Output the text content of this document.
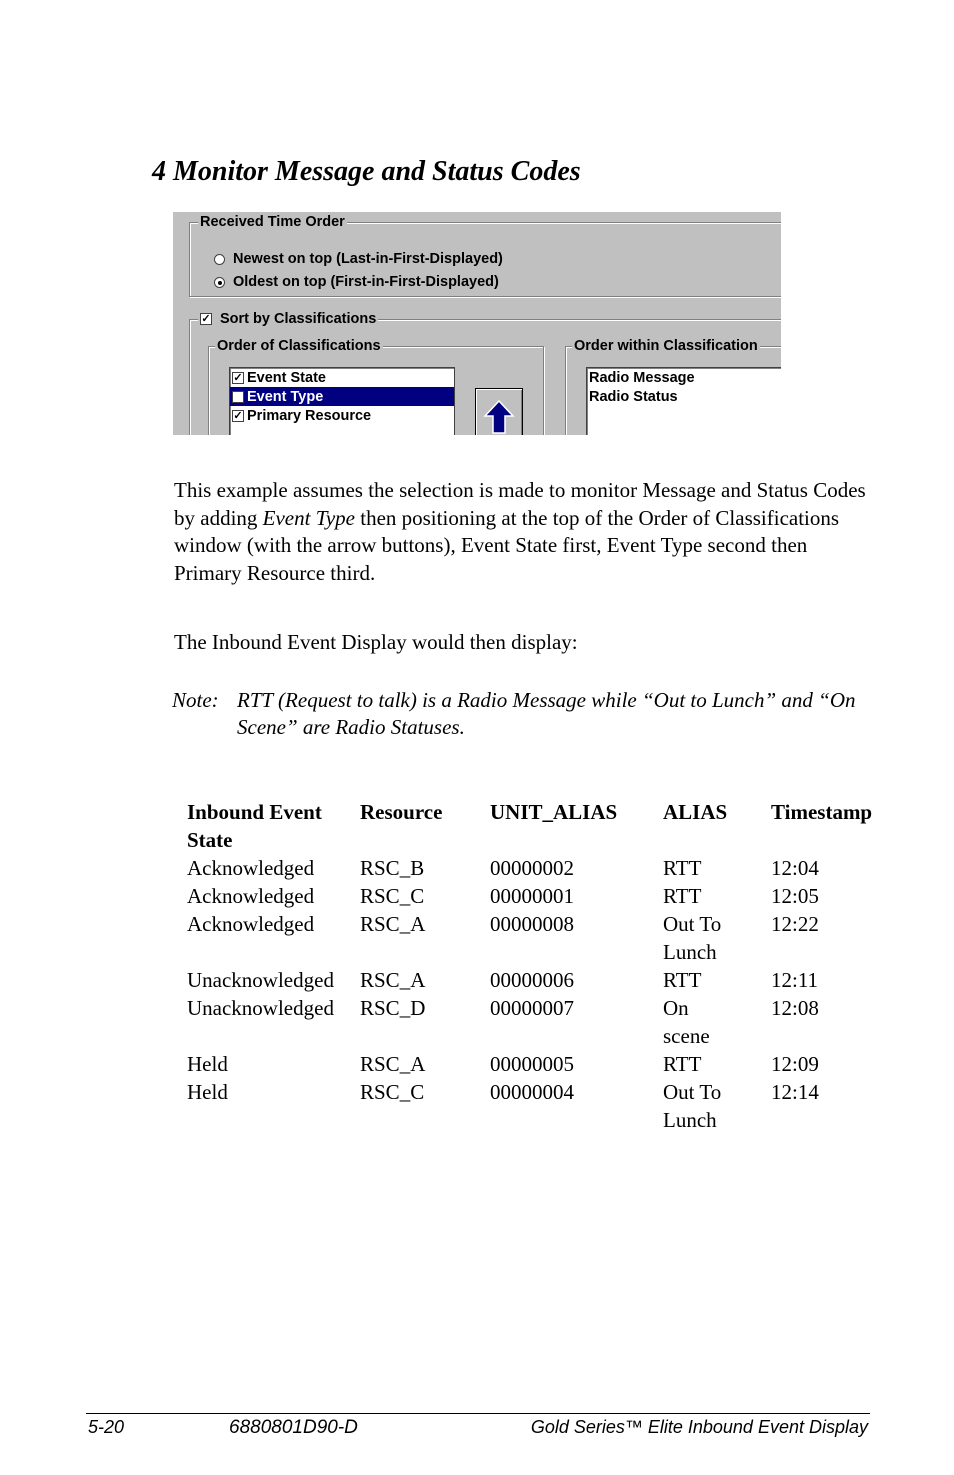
4 Monitor Message and Status Codes
Received Time Order
Newest on top (Last-in-First-Displayed)
Oldest on top (First-in-First-Displayed)
✓ Sort by Classifications
Order of Classifications
✓ Event State
✓ Event Type
✓ Primary Resource
Order within Classification
Radio Message
Radio Status

This example assumes the selection is made to monitor Message and Status Codes by adding Event Type then positioning at the top of the Order of Classifications window (with the arrow buttons), Event State first, Event Type second then Primary Resource third.

The Inbound Event Display would then display:

Note: RTT (Request to talk) is a Radio Message while “Out to Lunch” and “On Scene” are Radio Statuses.
Inbound Event State	Resource	UNIT_ALIAS	ALIAS	Timestamp
Acknowledged	RSC_B	00000002	RTT	12:04
Acknowledged	RSC_C	00000001	RTT	12:05
Acknowledged	RSC_A	00000008	Out To Lunch	12:22
Unacknowledged	RSC_A	00000006	RTT	12:11
Unacknowledged	RSC_D	00000007	On scene	12:08
Held	RSC_A	00000005	RTT	12:09
Held	RSC_C	00000004	Out To Lunch	12:14
5-20	6880801D90-D	Gold Series™ Elite Inbound Event Display
